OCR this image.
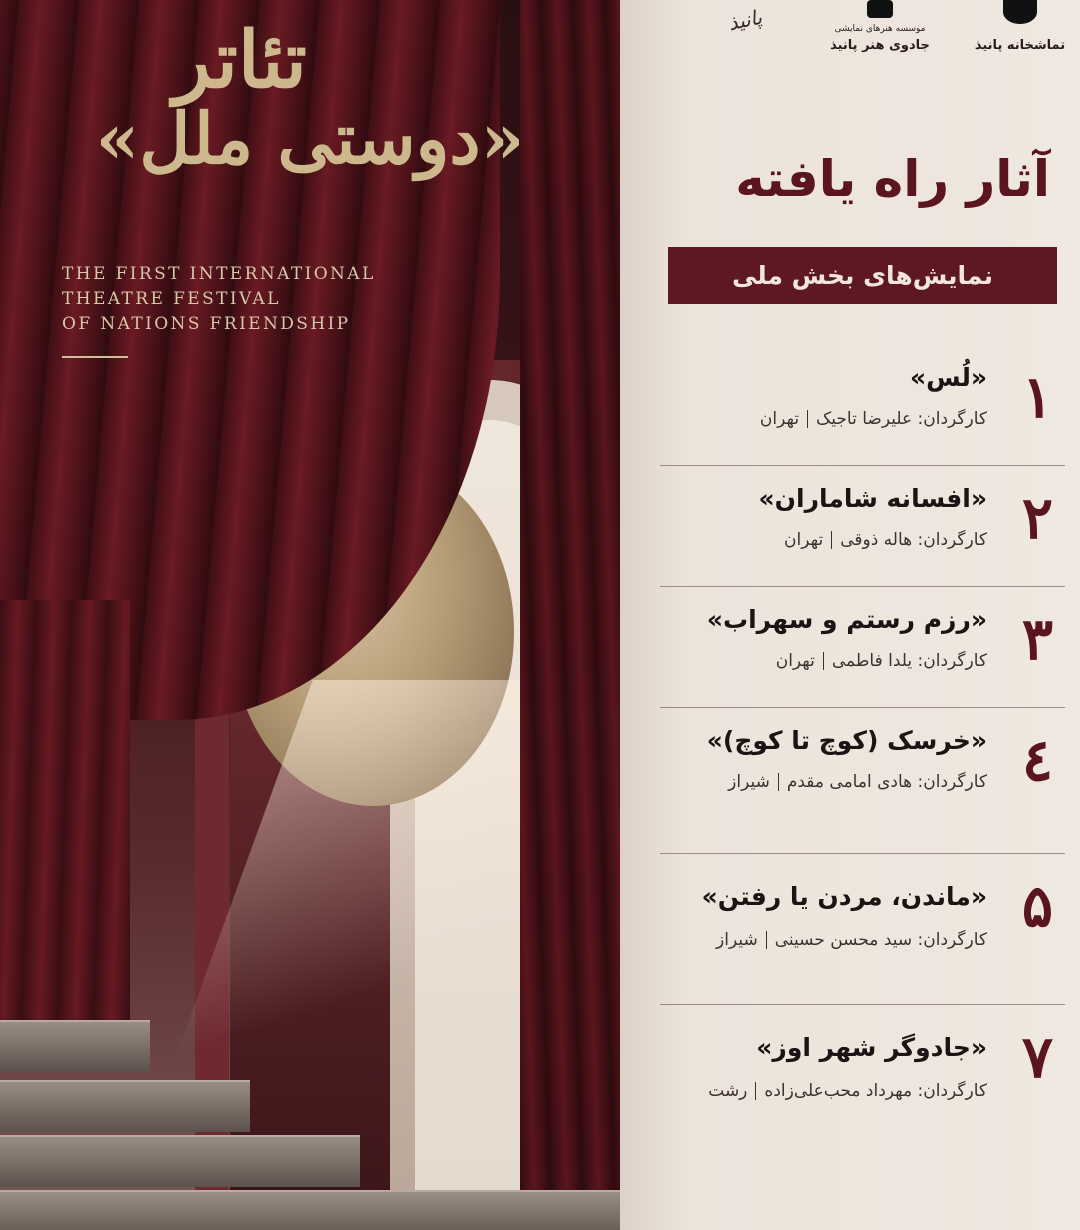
تئاتر
«دوستی ملل»
THE FIRST INTERNATIONAL
THEATRE FESTIVAL
OF NATIONS FRIENDSHIP
تماشخانه پانیذ
موسسه هنرهای نمایشی
جادوی هنر پانیذ
پانیذ
آثار راه یافته
نمایش‌های بخش ملی
۱
«لُس»
کارگردان: علیرضا تاجیکتهران
۲
«افسانه شاماران»
کارگردان: هاله ذوقیتهران
۳
«رزم رستم و سهراب»
کارگردان: یلدا فاطمیتهران
٤
«خرسک (کوچ تا کوچ)»
کارگردان: هادی امامی مقدمشیراز
۵
«ماندن، مردن یا رفتن»
کارگردان: سید محسن حسینیشیراز
۷
«جادوگر شهر اوز»
کارگردان: مهرداد محب‌علی‌زادهرشت
